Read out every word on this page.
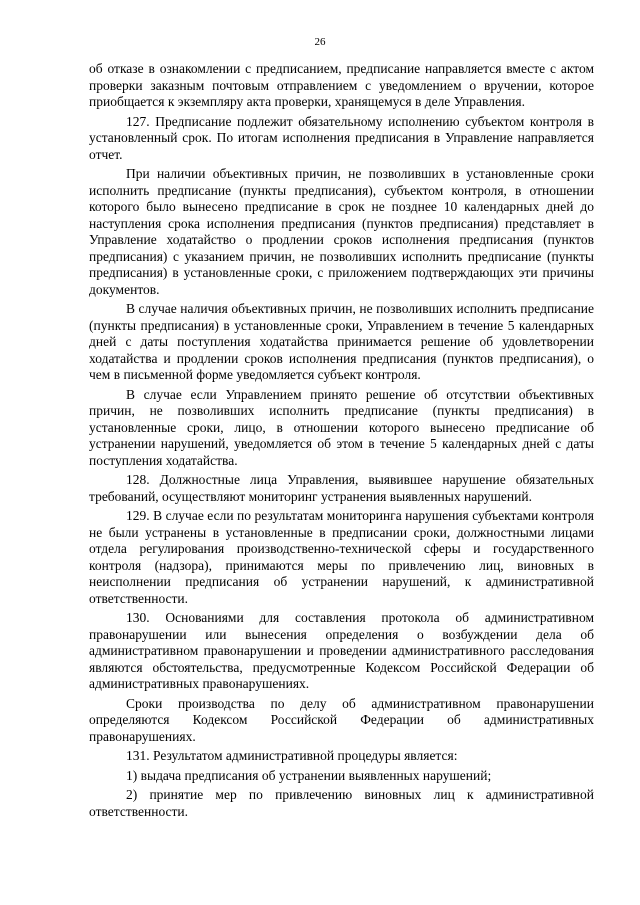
26

об отказе в ознакомлении с предписанием, предписание направляется вместе с актом проверки заказным почтовым отправлением с уведомлением о вручении, которое приобщается к экземпляру акта проверки, хранящемуся в деле Управления.

127. Предписание подлежит обязательному исполнению субъектом контроля в установленный срок. По итогам исполнения предписания в Управление направляется отчет.

При наличии объективных причин, не позволивших в установленные сроки исполнить предписание (пункты предписания), субъектом контроля, в отношении которого было вынесено предписание в срок не позднее 10 календарных дней до наступления срока исполнения предписания (пунктов предписания) представляет в Управление ходатайство о продлении сроков исполнения предписания (пунктов предписания) с указанием причин, не позволивших исполнить предписание (пункты предписания) в установленные сроки, с приложением подтверждающих эти причины документов.

В случае наличия объективных причин, не позволивших исполнить предписание (пункты предписания) в установленные сроки, Управлением в течение 5 календарных дней с даты поступления ходатайства принимается решение об удовлетворении ходатайства и продлении сроков исполнения предписания (пунктов предписания), о чем в письменной форме уведомляется субъект контроля.

В случае если Управлением принято решение об отсутствии объективных причин, не позволивших исполнить предписание (пункты предписания) в установленные сроки, лицо, в отношении которого вынесено предписание об устранении нарушений, уведомляется об этом в течение 5 календарных дней с даты поступления ходатайства.

128. Должностные лица Управления, выявившее нарушение обязательных требований, осуществляют мониторинг устранения выявленных нарушений.

129. В случае если по результатам мониторинга нарушения субъектами контроля не были устранены в установленные в предписании сроки, должностными лицами отдела регулирования производственно-технической сферы и государственного контроля (надзора), принимаются меры по привлечению лиц, виновных в неисполнении предписания об устранении нарушений, к административной ответственности.

130. Основаниями для составления протокола об административном правонарушении или вынесения определения о возбуждении дела об административном правонарушении и проведении административного расследования являются обстоятельства, предусмотренные Кодексом Российской Федерации об административных правонарушениях.

Сроки производства по делу об административном правонарушении определяются Кодексом Российской Федерации об административных правонарушениях.

131. Результатом административной процедуры является:

1) выдача предписания об устранении выявленных нарушений;

2) принятие мер по привлечению виновных лиц к административной ответственности.
